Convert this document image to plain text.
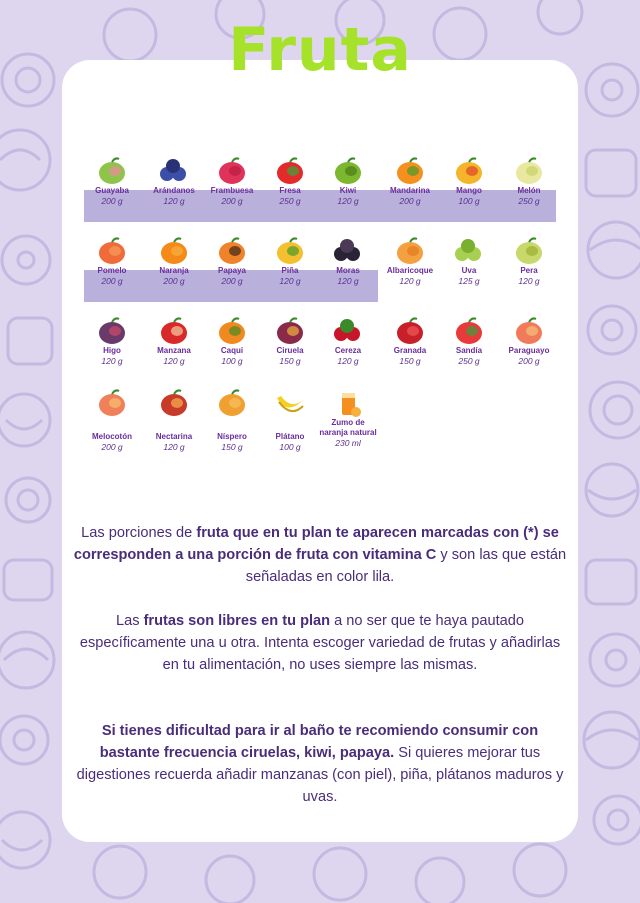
Fruta
Guayaba
200 g
Arándanos
120 g
Frambuesa
200 g
Fresa
250 g
Kiwi
120 g
Mandarina
200 g
Mango
100 g
Melón
250 g
Pomelo
200 g
Naranja
200 g
Papaya
200 g
Piña
120 g
Moras
120 g
Albaricoque
120 g
Uva
125 g
Pera
120 g
Higo
120 g
Manzana
120 g
Caqui
100 g
Ciruela
150 g
Cereza
120 g
Granada
150 g
Sandía
250 g
Paraguayo
200 g
Melocotón
200 g
Nectarina
120 g
Níspero
150 g
Plátano
100 g
Zumo de naranja natural
230 ml

Las porciones de fruta que en tu plan te aparecen marcadas con (*) se corresponden a una porción de fruta con vitamina C y son las que están señaladas en color lila.

Las frutas son libres en tu plan a no ser que te haya pautado específicamente una u otra. Intenta escoger variedad de frutas y añadirlas en tu alimentación, no uses siempre las mismas.

Si tienes dificultad para ir al baño te recomiendo consumir con bastante frecuencia ciruelas, kiwi, papaya. Si quieres mejorar tus digestiones recuerda añadir manzanas (con piel), piña, plátanos maduros y uvas.
